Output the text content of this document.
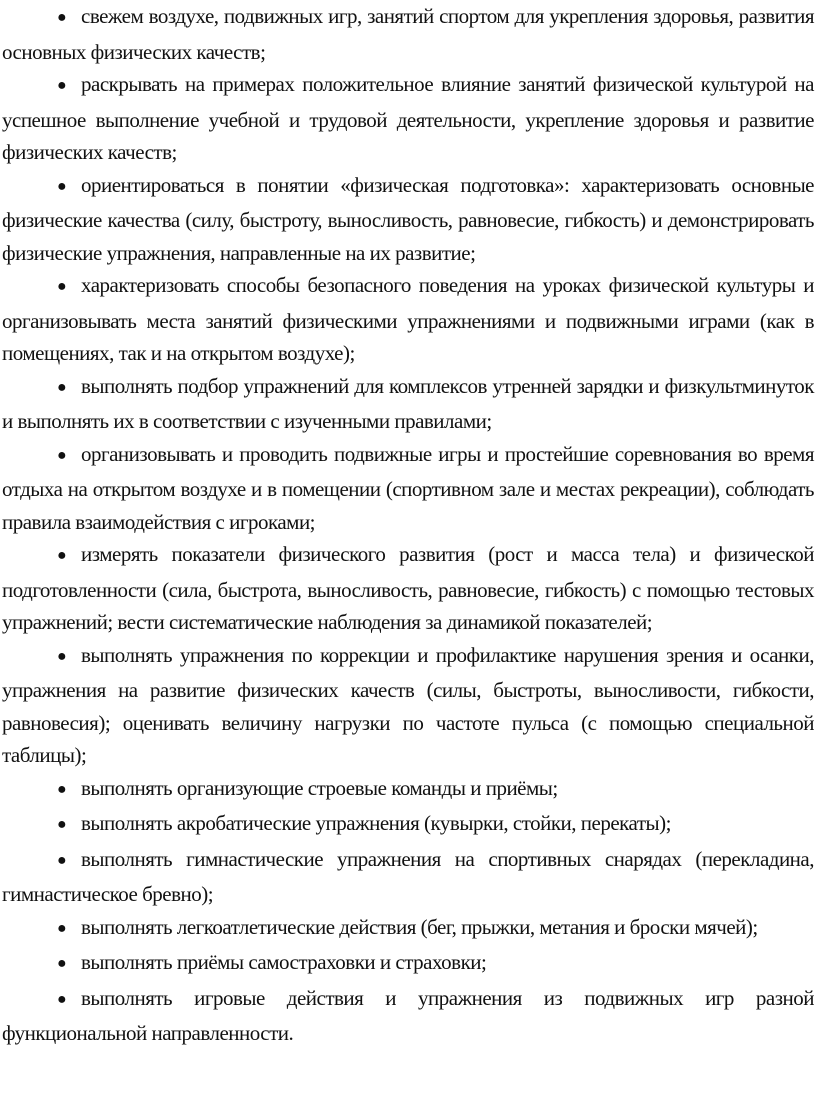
● свежем воздухе, подвижных игр, занятий спортом для укрепления здоровья, развития основных физических качеств;

● раскрывать на примерах положительное влияние занятий физической культурой на успешное выполнение учебной и трудовой деятельности, укрепление здоровья и развитие физических качеств;

● ориентироваться в понятии «физическая подготовка»: характеризовать основные физические качества (силу, быстроту, выносливость, равновесие, гибкость) и демонстрировать физические упражнения, направленные на их развитие;

● характеризовать способы безопасного поведения на уроках физической культуры и организовывать места занятий физическими упражнениями и подвижными играми (как в помещениях, так и на открытом воздухе);

● выполнять подбор упражнений для комплексов утренней зарядки и физкультминуток и выполнять их в соответствии с изученными правилами;

● организовывать и проводить подвижные игры и простейшие соревнования во время отдыха на открытом воздухе и в помещении (спортивном зале и местах рекреации), соблюдать правила взаимодействия с игроками;

● измерять показатели физического развития (рост и масса тела) и физической подготовленности (сила, быстрота, выносливость, равновесие, гибкость) с помощью тестовых упражнений; вести систематические наблюдения за динамикой показателей;

● выполнять упражнения по коррекции и профилактике нарушения зрения и осанки, упражнения на развитие физических качеств (силы, быстроты, выносливости, гибкости, равновесия); оценивать величину нагрузки по частоте пульса (с помощью специальной таблицы);

● выполнять организующие строевые команды и приёмы;

● выполнять акробатические упражнения (кувырки, стойки, перекаты);

● выполнять гимнастические упражнения на спортивных снарядах (перекладина, гимнастическое бревно);

● выполнять легкоатлетические действия (бег, прыжки, метания и броски мячей);

● выполнять приёмы самостраховки и страховки;

● выполнять игровые действия и упражнения из подвижных игр разной функциональной направленности.
